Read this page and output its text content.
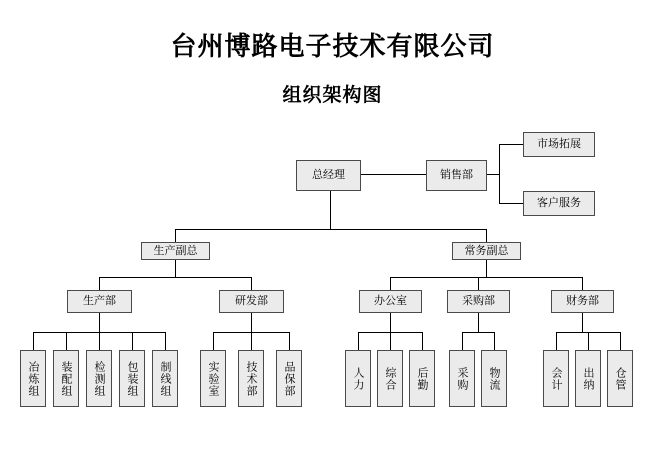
台州博路电子技术有限公司
组织架构图
总经理	销售部
市场拓展
客户服务
生产副总	常务副总
生产部	研发部	办公室	采购部	财务部
冶炼组 装配组 检测组 包装组 制线组	实验室 技术部 品保部	人力 综合 后勤 采购 物流	会计 出纳 仓管
